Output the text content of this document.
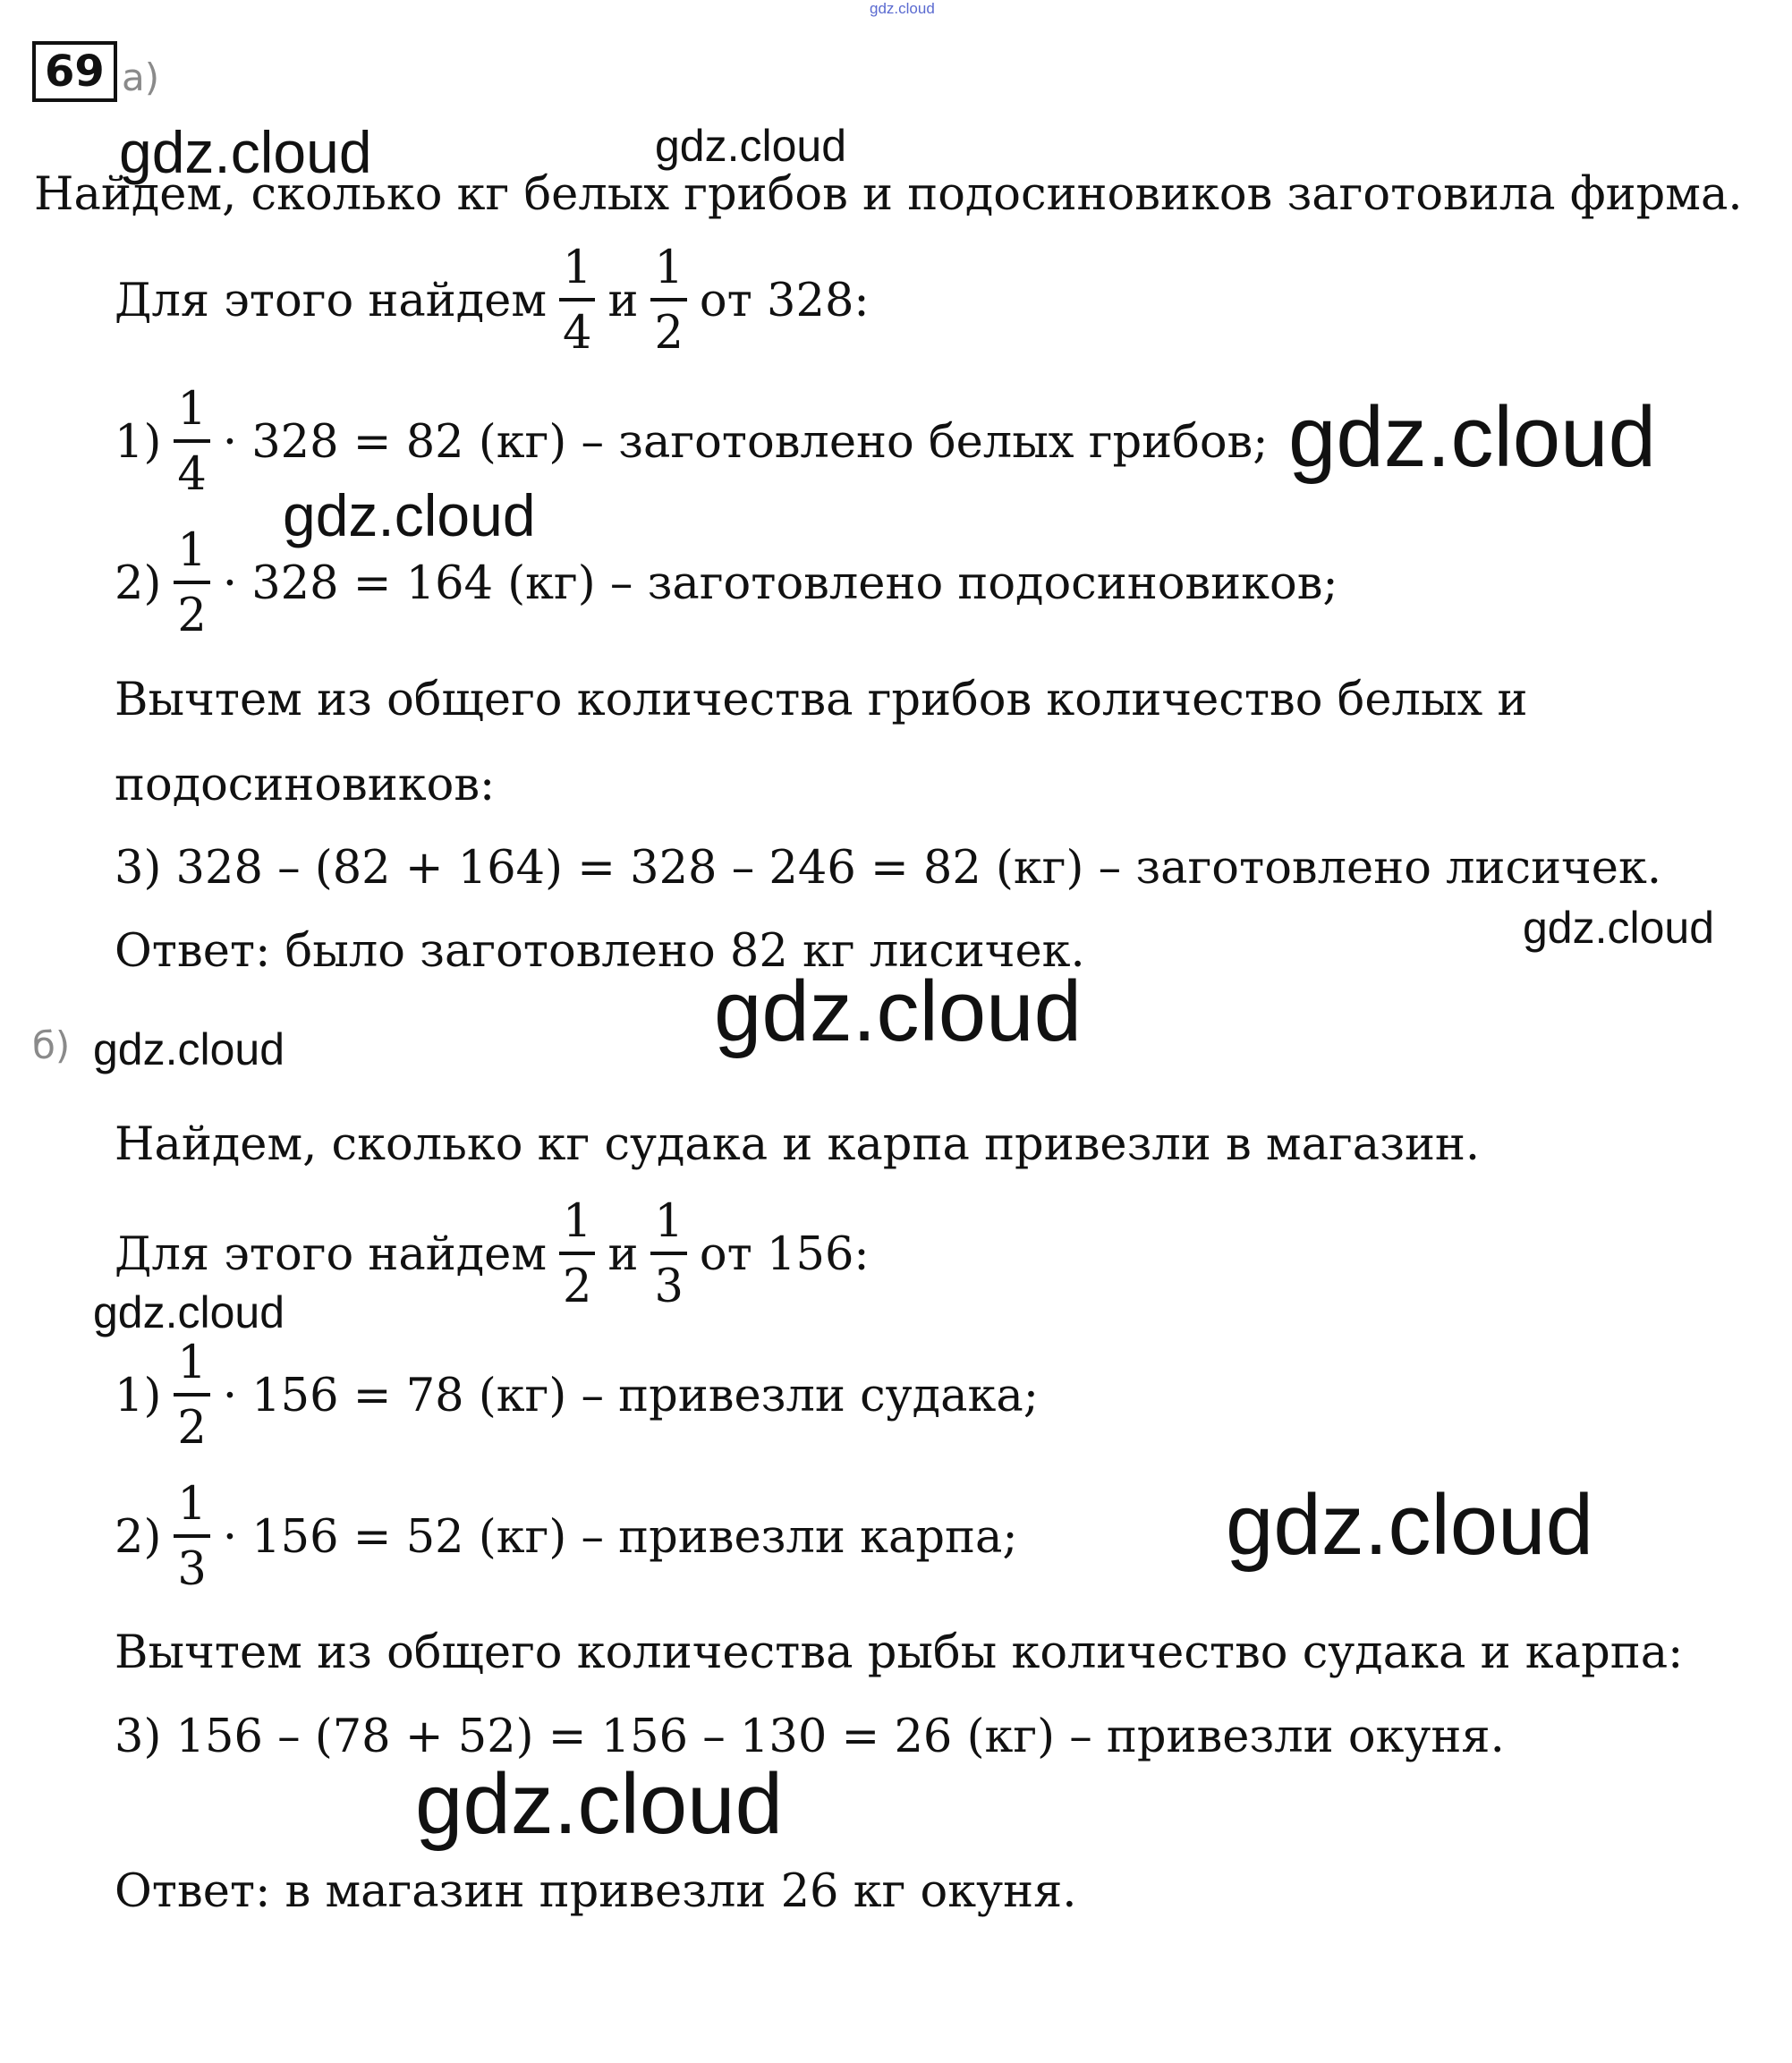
gdz.cloud
69 а)
Найдем, сколько кг белых грибов и подосиновиков заготовила фирма.
Для этого найдем $\frac{1}{4}$ и $\frac{1}{2}$ от 328:
$1) \frac{1}{4} \cdot 328 = 82$ (кг) – заготовлено белых грибов;
$2) \frac{1}{2} \cdot 328 = 164$ (кг) – заготовлено подосиновиков;
Вычтем из общего количества грибов количество белых и
подосиновиков:
3) 328 – (82 + 164) = 328 – 246 = 82 (кг) – заготовлено лисичек.
Ответ: было заготовлено 82 кг лисичек.
б)
Найдем, сколько кг судака и карпа привезли в магазин.
Для этого найдем $\frac{1}{2}$ и $\frac{1}{3}$ от 156:
$1) \frac{1}{2} \cdot 156 = 78$ (кг) – привезли судака;
$2) \frac{1}{3} \cdot 156 = 52$ (кг) – привезли карпа;
Вычтем из общего количества рыбы количество судака и карпа:
3) 156 – (78 + 52) = 156 – 130 = 26 (кг) – привезли окуня.
Ответ: в магазин привезли 26 кг окуня.
gdz.cloud	gdz.cloud
gdz.cloud
gdz.cloud
gdz.cloud
gdz.cloud
gdz.cloud
gdz.cloud
gdz.cloud
gdz.cloud
